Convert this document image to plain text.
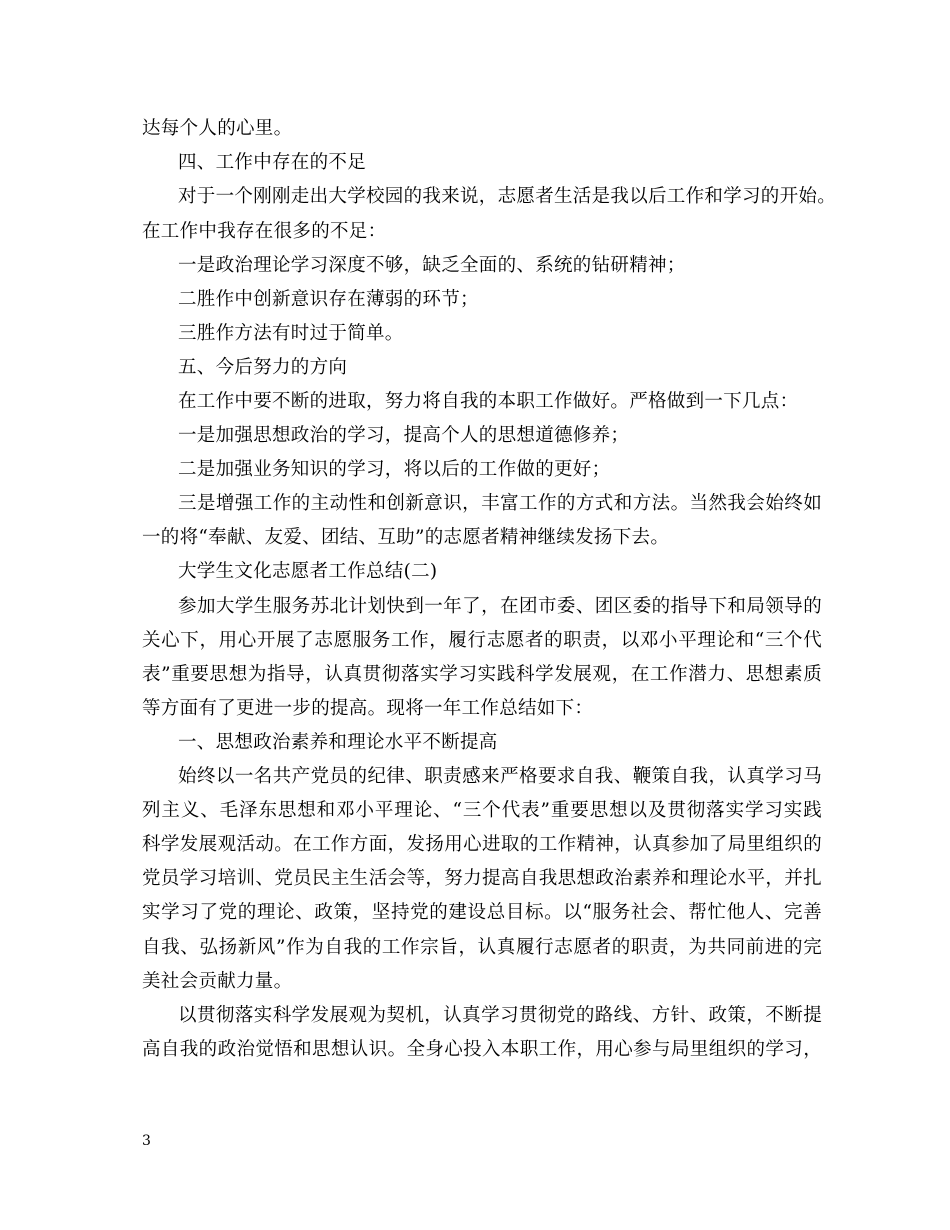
达每个人的心里。
四、工作中存在的不足
对于一个刚刚走出大学校园的我来说，志愿者生活是我以后工作和学习的开始。
在工作中我存在很多的不足：
一是政治理论学习深度不够，缺乏全面的、系统的钻研精神；
二胜作中创新意识存在薄弱的环节；
三胜作方法有时过于简单。
五、今后努力的方向
在工作中要不断的进取，努力将自我的本职工作做好。严格做到一下几点：
一是加强思想政治的学习，提高个人的思想道德修养；
二是加强业务知识的学习，将以后的工作做的更好；
三是增强工作的主动性和创新意识，丰富工作的方式和方法。当然我会始终如
一的将“奉献、友爱、团结、互助”的志愿者精神继续发扬下去。
大学生文化志愿者工作总结(二)
参加大学生服务苏北计划快到一年了，在团市委、团区委的指导下和局领导的
关心下，用心开展了志愿服务工作，履行志愿者的职责，以邓小平理论和“三个代
表”重要思想为指导，认真贯彻落实学习实践科学发展观，在工作潜力、思想素质
等方面有了更进一步的提高。现将一年工作总结如下：
一、思想政治素养和理论水平不断提高
始终以一名共产党员的纪律、职责感来严格要求自我、鞭策自我，认真学习马
列主义、毛泽东思想和邓小平理论、“三个代表”重要思想以及贯彻落实学习实践
科学发展观活动。在工作方面，发扬用心进取的工作精神，认真参加了局里组织的
党员学习培训、党员民主生活会等，努力提高自我思想政治素养和理论水平，并扎
实学习了党的理论、政策，坚持党的建设总目标。以“服务社会、帮忙他人、完善
自我、弘扬新风”作为自我的工作宗旨，认真履行志愿者的职责，为共同前进的完
美社会贡献力量。
以贯彻落实科学发展观为契机，认真学习贯彻党的路线、方针、政策，不断提
高自我的政治觉悟和思想认识。全身心投入本职工作，用心参与局里组织的学习，
3
